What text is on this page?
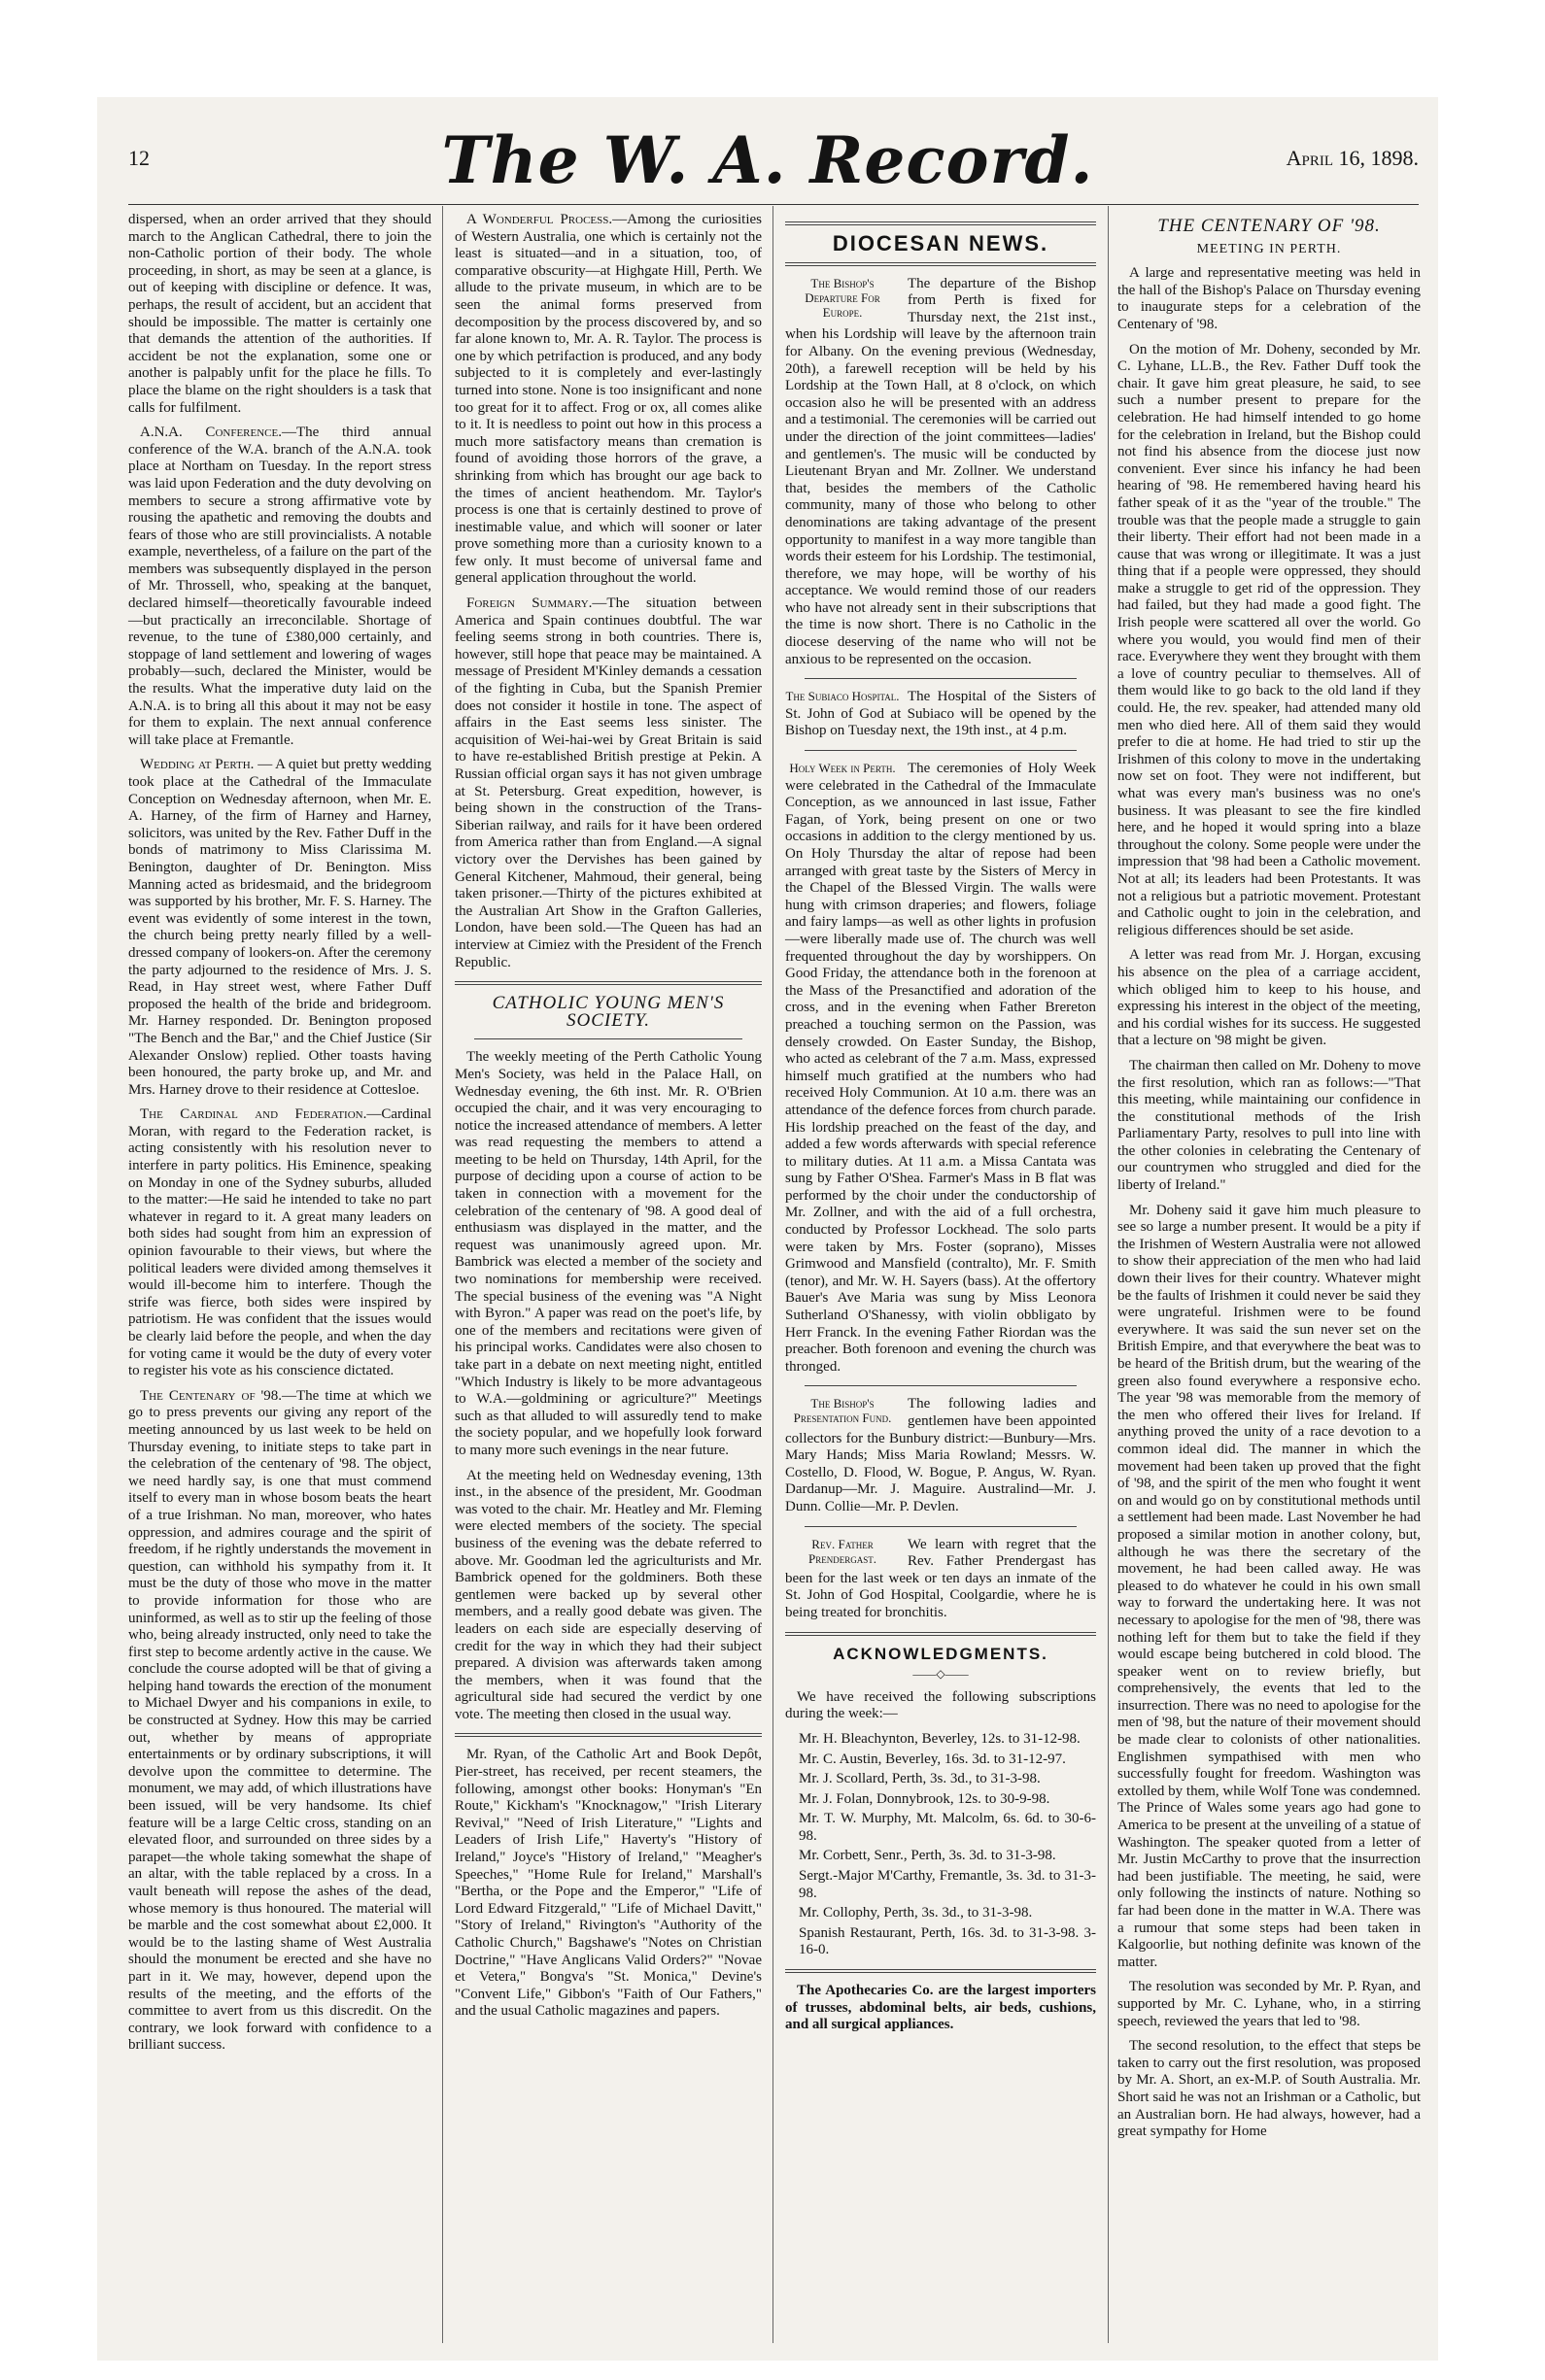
12	The W. A. Record.	April 16, 1898.

dispersed, when an order arrived that they should march to the Anglican Cathedral, there to join the non-Catholic portion of their body. The whole proceeding, in short, as may be seen at a glance, is out of keeping with discipline or defence. It was, perhaps, the result of accident, but an accident that should be impossible. The matter is certainly one that demands the attention of the authorities. If accident be not the explanation, some one or another is palpably unfit for the place he fills. To place the blame on the right shoulders is a task that calls for fulfilment.

A.N.A. Conference.—The third annual conference of the W.A. branch of the A.N.A. took place at Northam on Tuesday. In the report stress was laid upon Federation and the duty devolving on members to secure a strong affirmative vote by rousing the apathetic and removing the doubts and fears of those who are still provincialists. A notable example, nevertheless, of a failure on the part of the members was subsequently displayed in the person of Mr. Throssell, who, speaking at the banquet, declared himself—theoretically favourable indeed—but practically an irreconcilable. Shortage of revenue, to the tune of £380,000 certainly, and stoppage of land settlement and lowering of wages probably—such, declared the Minister, would be the results. What the imperative duty laid on the A.N.A. is to bring all this about it may not be easy for them to explain. The next annual conference will take place at Fremantle.

Wedding at Perth. — A quiet but pretty wedding took place at the Cathedral of the Immaculate Conception on Wednesday afternoon, when Mr. E. A. Harney, of the firm of Harney and Harney, solicitors, was united by the Rev. Father Duff in the bonds of matrimony to Miss Clarissima M. Benington, daughter of Dr. Benington. Miss Manning acted as bridesmaid, and the bridegroom was supported by his brother, Mr. F. S. Harney. The event was evidently of some interest in the town, the church being pretty nearly filled by a well-dressed company of lookers-on. After the ceremony the party adjourned to the residence of Mrs. J. S. Read, in Hay street west, where Father Duff proposed the health of the bride and bridegroom. Mr. Harney responded. Dr. Benington proposed "The Bench and the Bar," and the Chief Justice (Sir Alexander Onslow) replied. Other toasts having been honoured, the party broke up, and Mr. and Mrs. Harney drove to their residence at Cottesloe.

The Cardinal and Federation.—Cardinal Moran, with regard to the Federation racket, is acting consistently with his resolution never to interfere in party politics. His Eminence, speaking on Monday in one of the Sydney suburbs, alluded to the matter:—He said he intended to take no part whatever in regard to it. A great many leaders on both sides had sought from him an expression of opinion favourable to their views, but where the political leaders were divided among themselves it would ill-become him to interfere. Though the strife was fierce, both sides were inspired by patriotism. He was confident that the issues would be clearly laid before the people, and when the day for voting came it would be the duty of every voter to register his vote as his conscience dictated.

The Centenary of '98.—The time at which we go to press prevents our giving any report of the meeting announced by us last week to be held on Thursday evening, to initiate steps to take part in the celebration of the centenary of '98. The object, we need hardly say, is one that must commend itself to every man in whose bosom beats the heart of a true Irishman. No man, moreover, who hates oppression, and admires courage and the spirit of freedom, if he rightly understands the movement in question, can withhold his sympathy from it. It must be the duty of those who move in the matter to provide information for those who are uninformed, as well as to stir up the feeling of those who, being already instructed, only need to take the first step to become ardently active in the cause. We conclude the course adopted will be that of giving a helping hand towards the erection of the monument to Michael Dwyer and his companions in exile, to be constructed at Sydney. How this may be carried out, whether by means of appropriate entertainments or by ordinary subscriptions, it will devolve upon the committee to determine. The monument, we may add, of which illustrations have been issued, will be very handsome. Its chief feature will be a large Celtic cross, standing on an elevated floor, and surrounded on three sides by a parapet—the whole taking somewhat the shape of an altar, with the table replaced by a cross. In a vault beneath will repose the ashes of the dead, whose memory is thus honoured. The material will be marble and the cost somewhat about £2,000. It would be to the lasting shame of West Australia should the monument be erected and she have no part in it. We may, however, depend upon the results of the meeting, and the efforts of the committee to avert from us this discredit. On the contrary, we look forward with confidence to a brilliant success.

A Wonderful Process.—Among the curiosities of Western Australia, one which is certainly not the least is situated—and in a situation, too, of comparative obscurity—at Highgate Hill, Perth. We allude to the private museum, in which are to be seen the animal forms preserved from decomposition by the process discovered by, and so far alone known to, Mr. A. R. Taylor. The process is one by which petrifaction is produced, and any body subjected to it is completely and ever-lastingly turned into stone. None is too insignificant and none too great for it to affect. Frog or ox, all comes alike to it. It is needless to point out how in this process a much more satisfactory means than cremation is found of avoiding those horrors of the grave, a shrinking from which has brought our age back to the times of ancient heathendom. Mr. Taylor's process is one that is certainly destined to prove of inestimable value, and which will sooner or later prove something more than a curiosity known to a few only. It must become of universal fame and general application throughout the world.

Foreign Summary.—The situation between America and Spain continues doubtful. The war feeling seems strong in both countries. There is, however, still hope that peace may be maintained. A message of President M'Kinley demands a cessation of the fighting in Cuba, but the Spanish Premier does not consider it hostile in tone. The aspect of affairs in the East seems less sinister. The acquisition of Wei-hai-wei by Great Britain is said to have re-established British prestige at Pekin. A Russian official organ says it has not given umbrage at St. Petersburg. Great expedition, however, is being shown in the construction of the Trans-Siberian railway, and rails for it have been ordered from America rather than from England.—A signal victory over the Dervishes has been gained by General Kitchener, Mahmoud, their general, being taken prisoner.—Thirty of the pictures exhibited at the Australian Art Show in the Grafton Galleries, London, have been sold.—The Queen has had an interview at Cimiez with the President of the French Republic.

CATHOLIC YOUNG MEN'S SOCIETY.

The weekly meeting of the Perth Catholic Young Men's Society, was held in the Palace Hall, on Wednesday evening, the 6th inst. Mr. R. O'Brien occupied the chair, and it was very encouraging to notice the increased attendance of members. A letter was read requesting the members to attend a meeting to be held on Thursday, 14th April, for the purpose of deciding upon a course of action to be taken in connection with a movement for the celebration of the centenary of '98. A good deal of enthusiasm was displayed in the matter, and the request was unanimously agreed upon. Mr. Bambrick was elected a member of the society and two nominations for membership were received. The special business of the evening was "A Night with Byron." A paper was read on the poet's life, by one of the members and recitations were given of his principal works. Candidates were also chosen to take part in a debate on next meeting night, entitled "Which Industry is likely to be more advantageous to W.A.—goldmining or agriculture?" Meetings such as that alluded to will assuredly tend to make the society popular, and we hopefully look forward to many more such evenings in the near future.

At the meeting held on Wednesday evening, 13th inst., in the absence of the president, Mr. Goodman was voted to the chair. Mr. Heatley and Mr. Fleming were elected members of the society. The special business of the evening was the debate referred to above. Mr. Goodman led the agriculturists and Mr. Bambrick opened for the goldminers. Both these gentlemen were backed up by several other members, and a really good debate was given. The leaders on each side are especially deserving of credit for the way in which they had their subject prepared. A division was afterwards taken among the members, when it was found that the agricultural side had secured the verdict by one vote. The meeting then closed in the usual way.

Mr. Ryan, of the Catholic Art and Book Depôt, Pier-street, has received, per recent steamers, the following, amongst other books: Honyman's "En Route," Kickham's "Knocknagow," "Irish Literary Revival," "Need of Irish Literature," "Lights and Leaders of Irish Life," Haverty's "History of Ireland," Joyce's "History of Ireland," "Meagher's Speeches," "Home Rule for Ireland," Marshall's "Bertha, or the Pope and the Emperor," "Life of Lord Edward Fitzgerald," "Life of Michael Davitt," "Story of Ireland," Rivington's "Authority of the Catholic Church," Bagshawe's "Notes on Christian Doctrine," "Have Anglicans Valid Orders?" "Novae et Vetera," Bongva's "St. Monica," Devine's "Convent Life," Gibbon's "Faith of Our Fathers," and the usual Catholic magazines and papers.

DIOCESAN NEWS.

The Bishop's Departure For Europe.
The departure of the Bishop from Perth is fixed for Thursday next, the 21st inst., when his Lordship will leave by the afternoon train for Albany. On the evening previous (Wednesday, 20th), a farewell reception will be held by his Lordship at the Town Hall, at 8 o'clock, on which occasion also he will be presented with an address and a testimonial. The ceremonies will be carried out under the direction of the joint committees—ladies' and gentlemen's. The music will be conducted by Lieutenant Bryan and Mr. Zollner. We understand that, besides the members of the Catholic community, many of those who belong to other denominations are taking advantage of the present opportunity to manifest in a way more tangible than words their esteem for his Lordship. The testimonial, therefore, we may hope, will be worthy of his acceptance. We would remind those of our readers who have not already sent in their subscriptions that the time is now short. There is no Catholic in the diocese deserving of the name who will not be anxious to be represented on the occasion.

The Subiaco Hospital. The Hospital of the Sisters of St. John of God at Subiaco will be opened by the Bishop on Tuesday next, the 19th inst., at 4 p.m.

Holy Week in Perth. The ceremonies of Holy Week were celebrated in the Cathedral of the Immaculate Conception, as we announced in last issue, Father Fagan, of York, being present on one or two occasions in addition to the clergy mentioned by us. On Holy Thursday the altar of repose had been arranged with great taste by the Sisters of Mercy in the Chapel of the Blessed Virgin. The walls were hung with crimson draperies; and flowers, foliage and fairy lamps—as well as other lights in profusion—were liberally made use of. The church was well frequented throughout the day by worshippers. On Good Friday, the attendance both in the forenoon at the Mass of the Presanctified and adoration of the cross, and in the evening when Father Brereton preached a touching sermon on the Passion, was densely crowded. On Easter Sunday, the Bishop, who acted as celebrant of the 7 a.m. Mass, expressed himself much gratified at the numbers who had received Holy Communion. At 10 a.m. there was an attendance of the defence forces from church parade. His lordship preached on the feast of the day, and added a few words afterwards with special reference to military duties. At 11 a.m. a Missa Cantata was sung by Father O'Shea. Farmer's Mass in B flat was performed by the choir under the conductorship of Mr. Zollner, and with the aid of a full orchestra, conducted by Professor Lockhead. The solo parts were taken by Mrs. Foster (soprano), Misses Grimwood and Mansfield (contralto), Mr. F. Smith (tenor), and Mr. W. H. Sayers (bass). At the offertory Bauer's Ave Maria was sung by Miss Leonora Sutherland O'Shanessy, with violin obbligato by Herr Franck. In the evening Father Riordan was the preacher. Both forenoon and evening the church was thronged.

The Bishop's Presentation Fund.
The following ladies and gentlemen have been appointed collectors for the Bunbury district:—Bunbury—Mrs. Mary Hands; Miss Maria Rowland; Messrs. W. Costello, D. Flood, W. Bogue, P. Angus, W. Ryan. Dardanup—Mr. J. Maguire. Australind—Mr. J. Dunn. Collie—Mr. P. Devlen.

Rev. Father Prendergast.
We learn with regret that the Rev. Father Prendergast has been for the last week or ten days an inmate of the St. John of God Hospital, Coolgardie, where he is being treated for bronchitis.

ACKNOWLEDGMENTS.
——◇——

We have received the following subscriptions during the week:—

Mr. H. Bleachynton, Beverley, 12s. to 31-12-98.

Mr. C. Austin, Beverley, 16s. 3d. to 31-12-97.

Mr. J. Scollard, Perth, 3s. 3d., to 31-3-98.

Mr. J. Folan, Donnybrook, 12s. to 30-9-98.

Mr. T. W. Murphy, Mt. Malcolm, 6s. 6d. to 30-6-98.

Mr. Corbett, Senr., Perth, 3s. 3d. to 31-3-98.

Sergt.-Major M'Carthy, Fremantle, 3s. 3d. to 31-3-98.

Mr. Collophy, Perth, 3s. 3d., to 31-3-98.

Spanish Restaurant, Perth, 16s. 3d. to 31-3-98. 3-16-0.

The Apothecaries Co. are the largest importers of trusses, abdominal belts, air beds, cushions, and all surgical appliances.

THE CENTENARY OF '98.
MEETING IN PERTH.

A large and representative meeting was held in the hall of the Bishop's Palace on Thursday evening to inaugurate steps for a celebration of the Centenary of '98.

On the motion of Mr. Doheny, seconded by Mr. C. Lyhane, LL.B., the Rev. Father Duff took the chair. It gave him great pleasure, he said, to see such a number present to prepare for the celebration. He had himself intended to go home for the celebration in Ireland, but the Bishop could not find his absence from the diocese just now convenient. Ever since his infancy he had been hearing of '98. He remembered having heard his father speak of it as the "year of the trouble." The trouble was that the people made a struggle to gain their liberty. Their effort had not been made in a cause that was wrong or illegitimate. It was a just thing that if a people were oppressed, they should make a struggle to get rid of the oppression. They had failed, but they had made a good fight. The Irish people were scattered all over the world. Go where you would, you would find men of their race. Everywhere they went they brought with them a love of country peculiar to themselves. All of them would like to go back to the old land if they could. He, the rev. speaker, had attended many old men who died here. All of them said they would prefer to die at home. He had tried to stir up the Irishmen of this colony to move in the undertaking now set on foot. They were not indifferent, but what was every man's business was no one's business. It was pleasant to see the fire kindled here, and he hoped it would spring into a blaze throughout the colony. Some people were under the impression that '98 had been a Catholic movement. Not at all; its leaders had been Protestants. It was not a religious but a patriotic movement. Protestant and Catholic ought to join in the celebration, and religious differences should be set aside.

A letter was read from Mr. J. Horgan, excusing his absence on the plea of a carriage accident, which obliged him to keep to his house, and expressing his interest in the object of the meeting, and his cordial wishes for its success. He suggested that a lecture on '98 might be given.

The chairman then called on Mr. Doheny to move the first resolution, which ran as follows:—"That this meeting, while maintaining our confidence in the constitutional methods of the Irish Parliamentary Party, resolves to pull into line with the other colonies in celebrating the Centenary of our countrymen who struggled and died for the liberty of Ireland."

Mr. Doheny said it gave him much pleasure to see so large a number present. It would be a pity if the Irishmen of Western Australia were not allowed to show their appreciation of the men who had laid down their lives for their country. Whatever might be the faults of Irishmen it could never be said they were ungrateful. Irishmen were to be found everywhere. It was said the sun never set on the British Empire, and that everywhere the beat was to be heard of the British drum, but the wearing of the green also found everywhere a responsive echo. The year '98 was memorable from the memory of the men who offered their lives for Ireland. If anything proved the unity of a race devotion to a common ideal did. The manner in which the movement had been taken up proved that the fight of '98, and the spirit of the men who fought it went on and would go on by constitutional methods until a settlement had been made. Last November he had proposed a similar motion in another colony, but, although he was there the secretary of the movement, he had been called away. He was pleased to do whatever he could in his own small way to forward the undertaking here. It was not necessary to apologise for the men of '98, there was nothing left for them but to take the field if they would escape being butchered in cold blood. The speaker went on to review briefly, but comprehensively, the events that led to the insurrection. There was no need to apologise for the men of '98, but the nature of their movement should be made clear to colonists of other nationalities. Englishmen sympathised with men who successfully fought for freedom. Washington was extolled by them, while Wolf Tone was condemned. The Prince of Wales some years ago had gone to America to be present at the unveiling of a statue of Washington. The speaker quoted from a letter of Mr. Justin McCarthy to prove that the insurrection had been justifiable. The meeting, he said, were only following the instincts of nature. Nothing so far had been done in the matter in W.A. There was a rumour that some steps had been taken in Kalgoorlie, but nothing definite was known of the matter.

The resolution was seconded by Mr. P. Ryan, and supported by Mr. C. Lyhane, who, in a stirring speech, reviewed the years that led to '98.

The second resolution, to the effect that steps be taken to carry out the first resolution, was proposed by Mr. A. Short, an ex-M.P. of South Australia. Mr. Short said he was not an Irishman or a Catholic, but an Australian born. He had always, however, had a great sympathy for Home
